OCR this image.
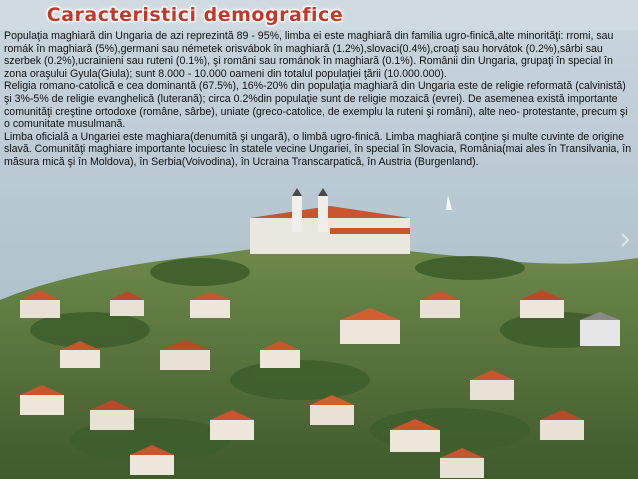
Caracteristici demografice

Populaţia maghiară din Ungaria de azi reprezintă 89 - 95%, limba ei este maghiară din familia ugro-finică,alte minorităţi: rromi, sau romák în maghiară (5%),germani sau németek orisvábok în maghiară (1.2%),slovaci(0.4%),croaţi sau horvátok (0.2%),sârbi sau szerbek (0.2%),ucrainieni sau ruteni (0.1%), şi români sau románok în maghiară (0.1%). Românii din Ungaria, grupaţi în special în zona oraşului Gyula(Giula); sunt 8.000 - 10.000 oameni din totalul populaţiei ţării (10.000.000).

Religia romano-catolică e cea dominantă (67.5%), 16%-20% din populaţia maghiară din Ungaria este de religie reformată (calvinistă) şi 3%-5% de religie evanghelică (luterană); circa 0.2%din populaţie sunt de religie mozaică (evrei). De asemenea există importante comunităţi creştine ortodoxe (române, sârbe), uniate (greco-catolice, de exemplu la ruteni şi români), alte neo- protestante, precum şi o comunitate musulmană.

Limba oficială a Ungariei este maghiara(denumită şi ungară), o limbă ugro-finică. Limba maghiară conţine şi multe cuvinte de origine slavă. Comunităţi maghiare importante locuiesc în statele vecine Ungariei, în special în Slovacia, România(mai ales în Transilvania, în măsura mică şi în Moldova), în Serbia(Voivodina), în Ucraina Transcarpatică, în Austria (Burgenland).
